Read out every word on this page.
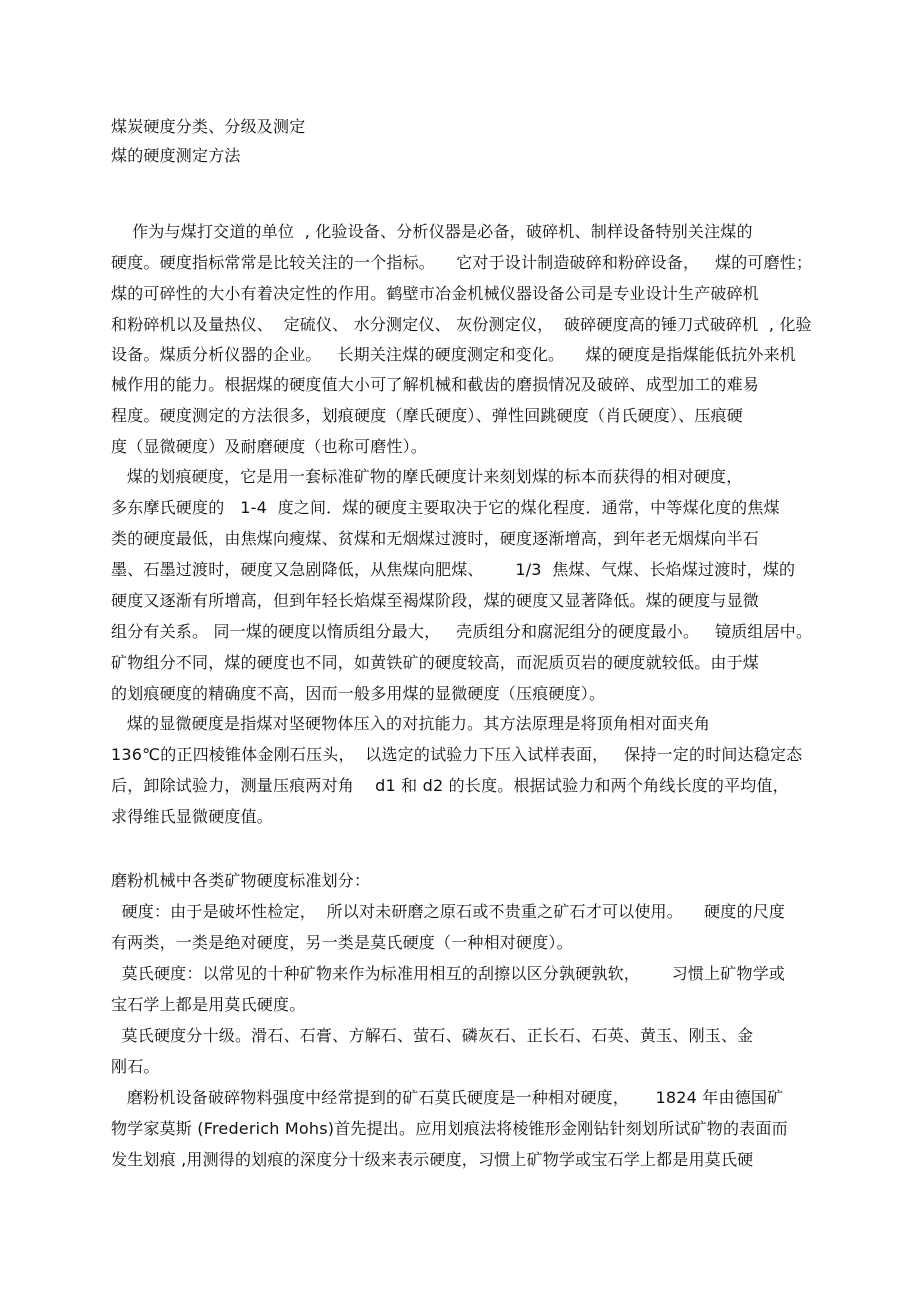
煤炭硬度分类、分级及测定
煤的硬度测定方法
作为与煤打交道的单位  , 化验设备、分析仪器是必备，破碎机、制样设备特别关注煤的
硬度。硬度指标常常是比较关注的一个指标。    它对于设计制造破碎和粉碎设备，   煤的可磨性；
煤的可碎性的大小有着决定性的作用。鹤壁市冶金机械仪器设备公司是专业设计生产破碎机
和粉碎机以及量热仪、  定硫仪、 水分测定仪、 灰份测定仪，  破碎硬度高的锤刀式破碎机  , 化验
设备。煤质分析仪器的企业。   长期关注煤的硬度测定和变化。    煤的硬度是指煤能低抗外来机
械作用的能力。根据煤的硬度值大小可了解机械和截齿的磨损情况及破碎、成型加工的难易
程度。硬度测定的方法很多，划痕硬度（摩氏硬度）、弹性回跳硬度（肖氏硬度）、压痕硬
度（显微硬度）及耐磨硬度（也称可磨性）。
煤的划痕硬度，它是用一套标准矿物的摩氏硬度计来刻划煤的标本而获得的相对硬度，
多东摩氏硬度的   1-4  度之间．煤的硬度主要取决于它的煤化程度．通常，中等煤化度的焦煤
类的硬度最低，由焦煤向瘦煤、贫煤和无烟煤过渡时，硬度逐渐增高，到年老无烟煤向半石
墨、石墨过渡时，硬度又急剧降低，从焦煤向肥煤、      1/3  焦煤、气煤、长焰煤过渡时，煤的
硬度又逐渐有所增高，但到年轻长焰煤至褐煤阶段，煤的硬度又显著降低。煤的硬度与显微
组分有关系。 同一煤的硬度以惰质组分最大，   壳质组分和腐泥组分的硬度最小。   镜质组居中。
矿物组分不同，煤的硬度也不同，如黄铁矿的硬度较高，而泥质页岩的硬度就较低。由于煤
的划痕硬度的精确度不高，因而一般多用煤的显微硬度（压痕硬度）。
煤的显微硬度是指煤对坚硬物体压入的对抗能力。其方法原理是将顶角相对面夹角
136℃的正四棱锥体金刚石压头，  以选定的试验力下压入试样表面，   保持一定的时间达稳定态
后，卸除试验力，测量压痕两对角    d1 和 d2 的长度。根据试验力和两个角线长度的平均值，
求得维氏显微硬度值。
磨粉机械中各类矿物硬度标准划分：
硬度：由于是破坏性检定，  所以对未研磨之原石或不贵重之矿石才可以使用。    硬度的尺度
有两类，一类是绝对硬度，另一类是莫氏硬度（一种相对硬度）。
莫氏硬度：以常见的十种矿物来作为标准用相互的刮擦以区分孰硬孰软，      习惯上矿物学或
宝石学上都是用莫氏硬度。
莫氏硬度分十级。滑石、石膏、方解石、萤石、磷灰石、正长石、石英、黄玉、刚玉、金
刚石。
磨粉机设备破碎物料强度中经常提到的矿石莫氏硬度是一种相对硬度，     1824 年由德国矿
物学家莫斯 (Frederich Mohs)首先提出。应用划痕法将棱锥形金刚钻针刻划所试矿物的表面而
发生划痕 ,用测得的划痕的深度分十级来表示硬度，习惯上矿物学或宝石学上都是用莫氏硬
